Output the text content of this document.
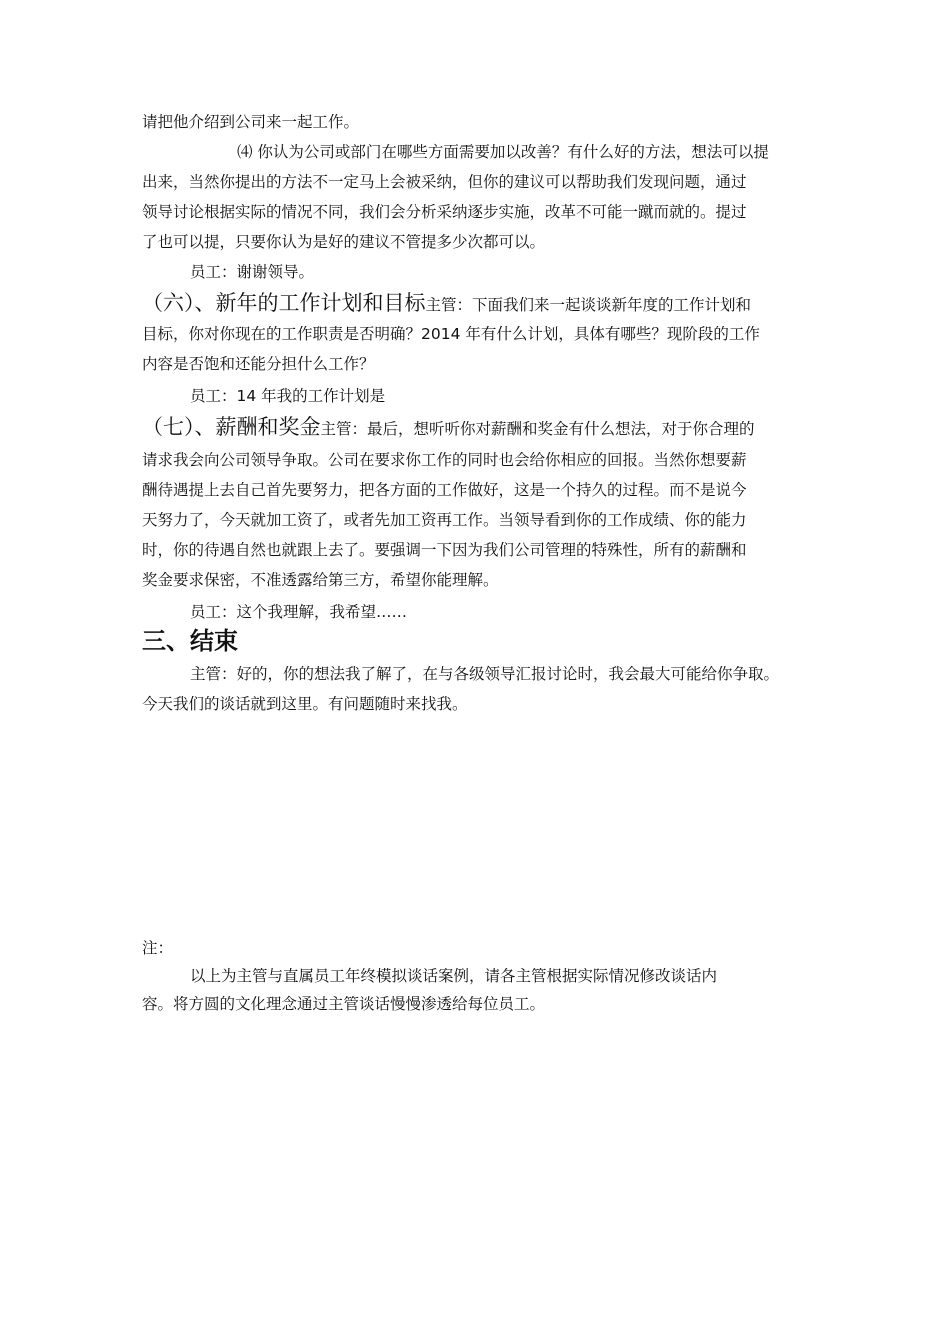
请把他介绍到公司来一起工作。

⑷ 你认为公司或部门在哪些方面需要加以改善？有什么好的方法，想法可以提

出来，当然你提出的方法不一定马上会被采纳，但你的建议可以帮助我们发现问题，通过

领导讨论根据实际的情况不同，我们会分析采纳逐步实施，改革不可能一蹴而就的。提过

了也可以提，只要你认为是好的建议不管提多少次都可以。

员工：谢谢领导。

（六）、新年的工作计划和目标主管：下面我们来一起谈谈新年度的工作计划和

目标，你对你现在的工作职责是否明确？2014 年有什么计划，具体有哪些？现阶段的工作

内容是否饱和还能分担什么工作？

员工：14 年我的工作计划是

（七）、薪酬和奖金主管：最后，想听听你对薪酬和奖金有什么想法，对于你合理的

请求我会向公司领导争取。公司在要求你工作的同时也会给你相应的回报。当然你想要薪

酬待遇提上去自己首先要努力，把各方面的工作做好，这是一个持久的过程。而不是说今

天努力了，今天就加工资了，或者先加工资再工作。当领导看到你的工作成绩、你的能力

时，你的待遇自然也就跟上去了。要强调一下因为我们公司管理的特殊性，所有的薪酬和

奖金要求保密，不准透露给第三方，希望你能理解。

员工：这个我理解，我希望……

三、结束

主管：好的，你的想法我了解了，在与各级领导汇报讨论时，我会最大可能给你争取。

今天我们的谈话就到这里。有问题随时来找我。

注：

以上为主管与直属员工年终模拟谈话案例，请各主管根据实际情况修改谈话内

容。将方圆的文化理念通过主管谈话慢慢渗透给每位员工。
